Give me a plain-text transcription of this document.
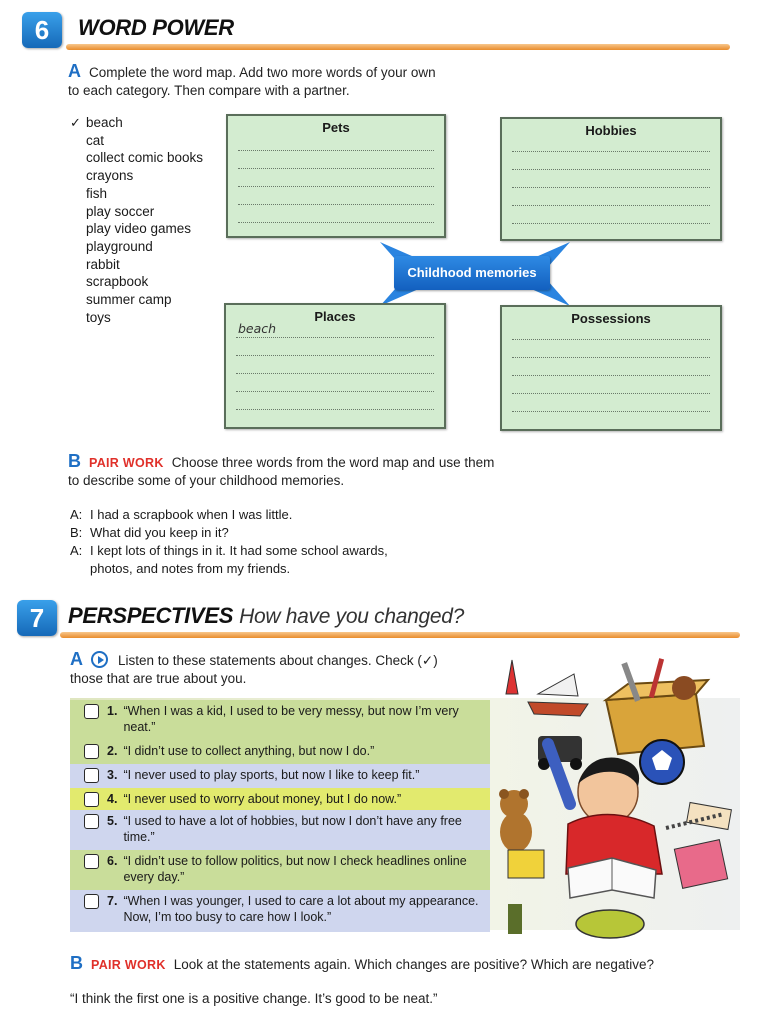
6	WORD POWER
A Complete the word map. Add two more words of your own
to each category. Then compare with a partner.
✓ beach
cat
collect comic books
crayons
fish
play soccer
play video games
playground
rabbit
scrapbook
summer camp
toys
Pets	Hobbies
Childhood memories
Places
beach
Possessions
B PAIR WORK Choose three words from the word map and use them
to describe some of your childhood memories.
A: I had a scrapbook when I was little.
B: What did you keep in it?
A: I kept lots of things in it. It had some school awards,
photos, and notes from my friends.
7	PERSPECTIVES How have you changed?
A	Listen to these statements about changes. Check (✓)
those that are true about you.
1. “When I was a kid, I used to be very messy, but now I’m very neat.”
2. “I didn’t use to collect anything, but now I do.”
3. “I never used to play sports, but now I like to keep fit.”
4. “I never used to worry about money, but I do now.”
5. “I used to have a lot of hobbies, but now I don’t have any free time.”
6. “I didn’t use to follow politics, but now I check headlines online every day.”
7. “When I was younger, I used to care a lot about my appearance. Now, I’m too busy to care how I look.”
B PAIR WORK Look at the statements again. Which changes are positive? Which are negative?
“I think the first one is a positive change. It’s good to be neat.”
